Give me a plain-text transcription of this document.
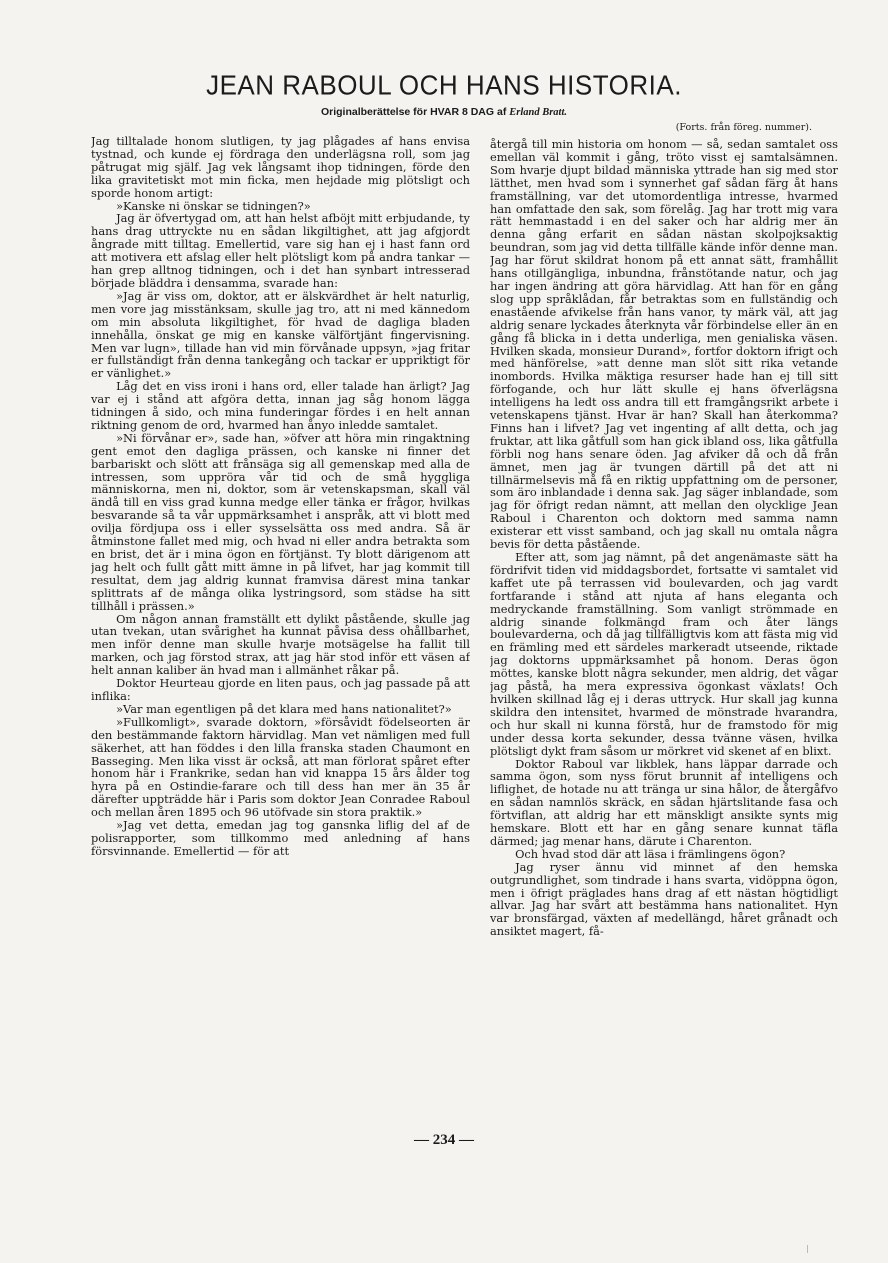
JEAN RABOUL OCH HANS HISTORIA.
Originalberättelse för HVAR 8 DAG af Erland Bratt.
(Forts. från föreg. nummer).

Jag tilltalade honom slutligen, ty jag plågades af hans envisa tystnad, och kunde ej fördraga den underlägsna roll, som jag påtrugat mig själf. Jag vek långsamt ihop tidningen, förde den lika gravitetiskt mot min ficka, men hejdade mig plötsligt och sporde honom artigt:

»Kanske ni önskar se tidningen?»

Jag är öfvertygad om, att han helst afböjt mitt erbjudande, ty hans drag uttryckte nu en sådan likgiltighet, att jag afgjordt ångrade mitt tilltag. Emellertid, vare sig han ej i hast fann ord att motivera ett afslag eller helt plötsligt kom på andra tankar — han grep alltnog tidningen, och i det han synbart intresserad började bläddra i densamma, svarade han:

»Jag är viss om, doktor, att er älskvärdhet är helt naturlig, men vore jag misstänksam, skulle jag tro, att ni med kännedom om min absoluta likgiltighet, för hvad de dagliga bladen innehålla, önskat ge mig en kanske välförtjänt fingervisning. Men var lugn», tillade han vid min förvånade uppsyn, »jag fritar er fullständigt från denna tankegång och tackar er uppriktigt för er vänlighet.»

Låg det en viss ironi i hans ord, eller talade han ärligt? Jag var ej i stånd att afgöra detta, innan jag såg honom lägga tidningen å sido, och mina funderingar fördes i en helt annan riktning genom de ord, hvarmed han ånyo inledde samtalet.

»Ni förvånar er», sade han, »öfver att höra min ringaktning gent emot den dagliga prässen, och kanske ni finner det barbariskt och slött att frånsäga sig all gemenskap med alla de intressen, som uppröra vår tid och de små hyggliga människorna, men ni, doktor, som är vetenskapsman, skall väl ändå till en viss grad kunna medge eller tänka er frågor, hvilkas besvarande så ta vår uppmärksamhet i anspråk, att vi blott med ovilja fördjupa oss i eller sysselsätta oss med andra. Så är åtminstone fallet med mig, och hvad ni eller andra betrakta som en brist, det är i mina ögon en förtjänst. Ty blott därigenom att jag helt och fullt gått mitt ämne in på lifvet, har jag kommit till resultat, dem jag aldrig kunnat framvisa därest mina tankar splittrats af de många olika lystringsord, som städse ha sitt tillhåll i prässen.»

Om någon annan framställt ett dylikt påstående, skulle jag utan tvekan, utan svårighet ha kunnat påvisa dess ohållbarhet, men inför denne man skulle hvarje motsägelse ha fallit till marken, och jag förstod strax, att jag här stod inför ett väsen af helt annan kaliber än hvad man i allmänhet råkar på.

Doktor Heurteau gjorde en liten paus, och jag passade på att inflika:

»Var man egentligen på det klara med hans nationalitet?»

»Fullkomligt», svarade doktorn, »försåvidt födelseorten är den bestämmande faktorn härvidlag. Man vet nämligen med full säkerhet, att han föddes i den lilla franska staden Chaumont en Basseging. Men lika visst är också, att man förlorat spåret efter honom här i Frankrike, sedan han vid knappa 15 års ålder tog hyra på en Ostindie-farare och till dess han mer än 35 år därefter uppträdde här i Paris som doktor Jean Conradee Raboul och mellan åren 1895 och 96 utöfvade sin stora praktik.»

»Jag vet detta, emedan jag tog gansnka liflig del af de polisrapporter, som tillkommo med anledning af hans försvinnande. Emellertid — för att

återgå till min historia om honom — så, sedan samtalet oss emellan väl kommit i gång, tröto visst ej samtalsämnen. Som hvarje djupt bildad människa yttrade han sig med stor lätthet, men hvad som i synnerhet gaf sådan färg åt hans framställning, var det utomordentliga intresse, hvarmed han omfattade den sak, som förelåg. Jag har trott mig vara rätt hemmastadd i en del saker och har aldrig mer än denna gång erfarit en sådan nästan skolpojksaktig beundran, som jag vid detta tillfälle kände inför denne man. Jag har förut skildrat honom på ett annat sätt, framhållit hans otillgängliga, inbundna, frånstötande natur, och jag har ingen ändring att göra härvidlag. Att han för en gång slog upp språklådan, får betraktas som en fullständig och enastående afvikelse från hans vanor, ty märk väl, att jag aldrig senare lyckades återknyta vår förbindelse eller än en gång få blicka in i detta underliga, men genialiska väsen. Hvilken skada, monsieur Durand», fortfor doktorn ifrigt och med hänförelse, »att denne man slöt sitt rika vetande inombords. Hvilka mäktiga resurser hade han ej till sitt förfogande, och hur lätt skulle ej hans öfverlägsna intelligens ha ledt oss andra till ett framgångsrikt arbete i vetenskapens tjänst. Hvar är han? Skall han återkomma? Finns han i lifvet? Jag vet ingenting af allt detta, och jag fruktar, att lika gåtfull som han gick ibland oss, lika gåtfulla förbli nog hans senare öden. Jag afviker då och då från ämnet, men jag är tvungen därtill på det att ni tillnärmelsevis må få en riktig uppfattning om de personer, som äro inblandade i denna sak. Jag säger inblandade, som jag för öfrigt redan nämnt, att mellan den olycklige Jean Raboul i Charenton och doktorn med samma namn existerar ett visst samband, och jag skall nu omtala några bevis för detta påstående.

Efter att, som jag nämnt, på det angenämaste sätt ha fördrifvit tiden vid middagsbordet, fortsatte vi samtalet vid kaffet ute på terrassen vid boulevarden, och jag vardt fortfarande i stånd att njuta af hans eleganta och medryckande framställning. Som vanligt strömmade en aldrig sinande folkmängd fram och åter längs boulevarderna, och då jag tillfälligtvis kom att fästa mig vid en främling med ett särdeles markeradt utseende, riktade jag doktorns uppmärksamhet på honom. Deras ögon möttes, kanske blott några sekunder, men aldrig, det vågar jag påstå, ha mera expressiva ögonkast växlats! Och hvilken skillnad låg ej i deras uttryck. Hur skall jag kunna skildra den intensitet, hvarmed de mönstrade hvarandra, och hur skall ni kunna förstå, hur de framstodo för mig under dessa korta sekunder, dessa tvänne väsen, hvilka plötsligt dykt fram såsom ur mörkret vid skenet af en blixt.

Doktor Raboul var likblek, hans läppar darrade och samma ögon, som nyss förut brunnit af intelligens och liflighet, de hotade nu att tränga ur sina hålor, de återgåfvo en sådan namnlös skräck, en sådan hjärtslitande fasa och förtviflan, att aldrig har ett mänskligt ansikte synts mig hemskare. Blott ett har en gång senare kunnat täfla därmed; jag menar hans, därute i Charenton.

Och hvad stod där att läsa i främlingens ögon?

Jag ryser ännu vid minnet af den hemska outgrundlighet, som tindrade i hans svarta, vidöppna ögon, men i öfrigt präglades hans drag af ett nästan högtidligt allvar. Jag har svårt att bestämma hans nationalitet. Hyn var bronsfärgad, växten af medellängd, håret grånadt och ansiktet magert, få-

— 234 —
